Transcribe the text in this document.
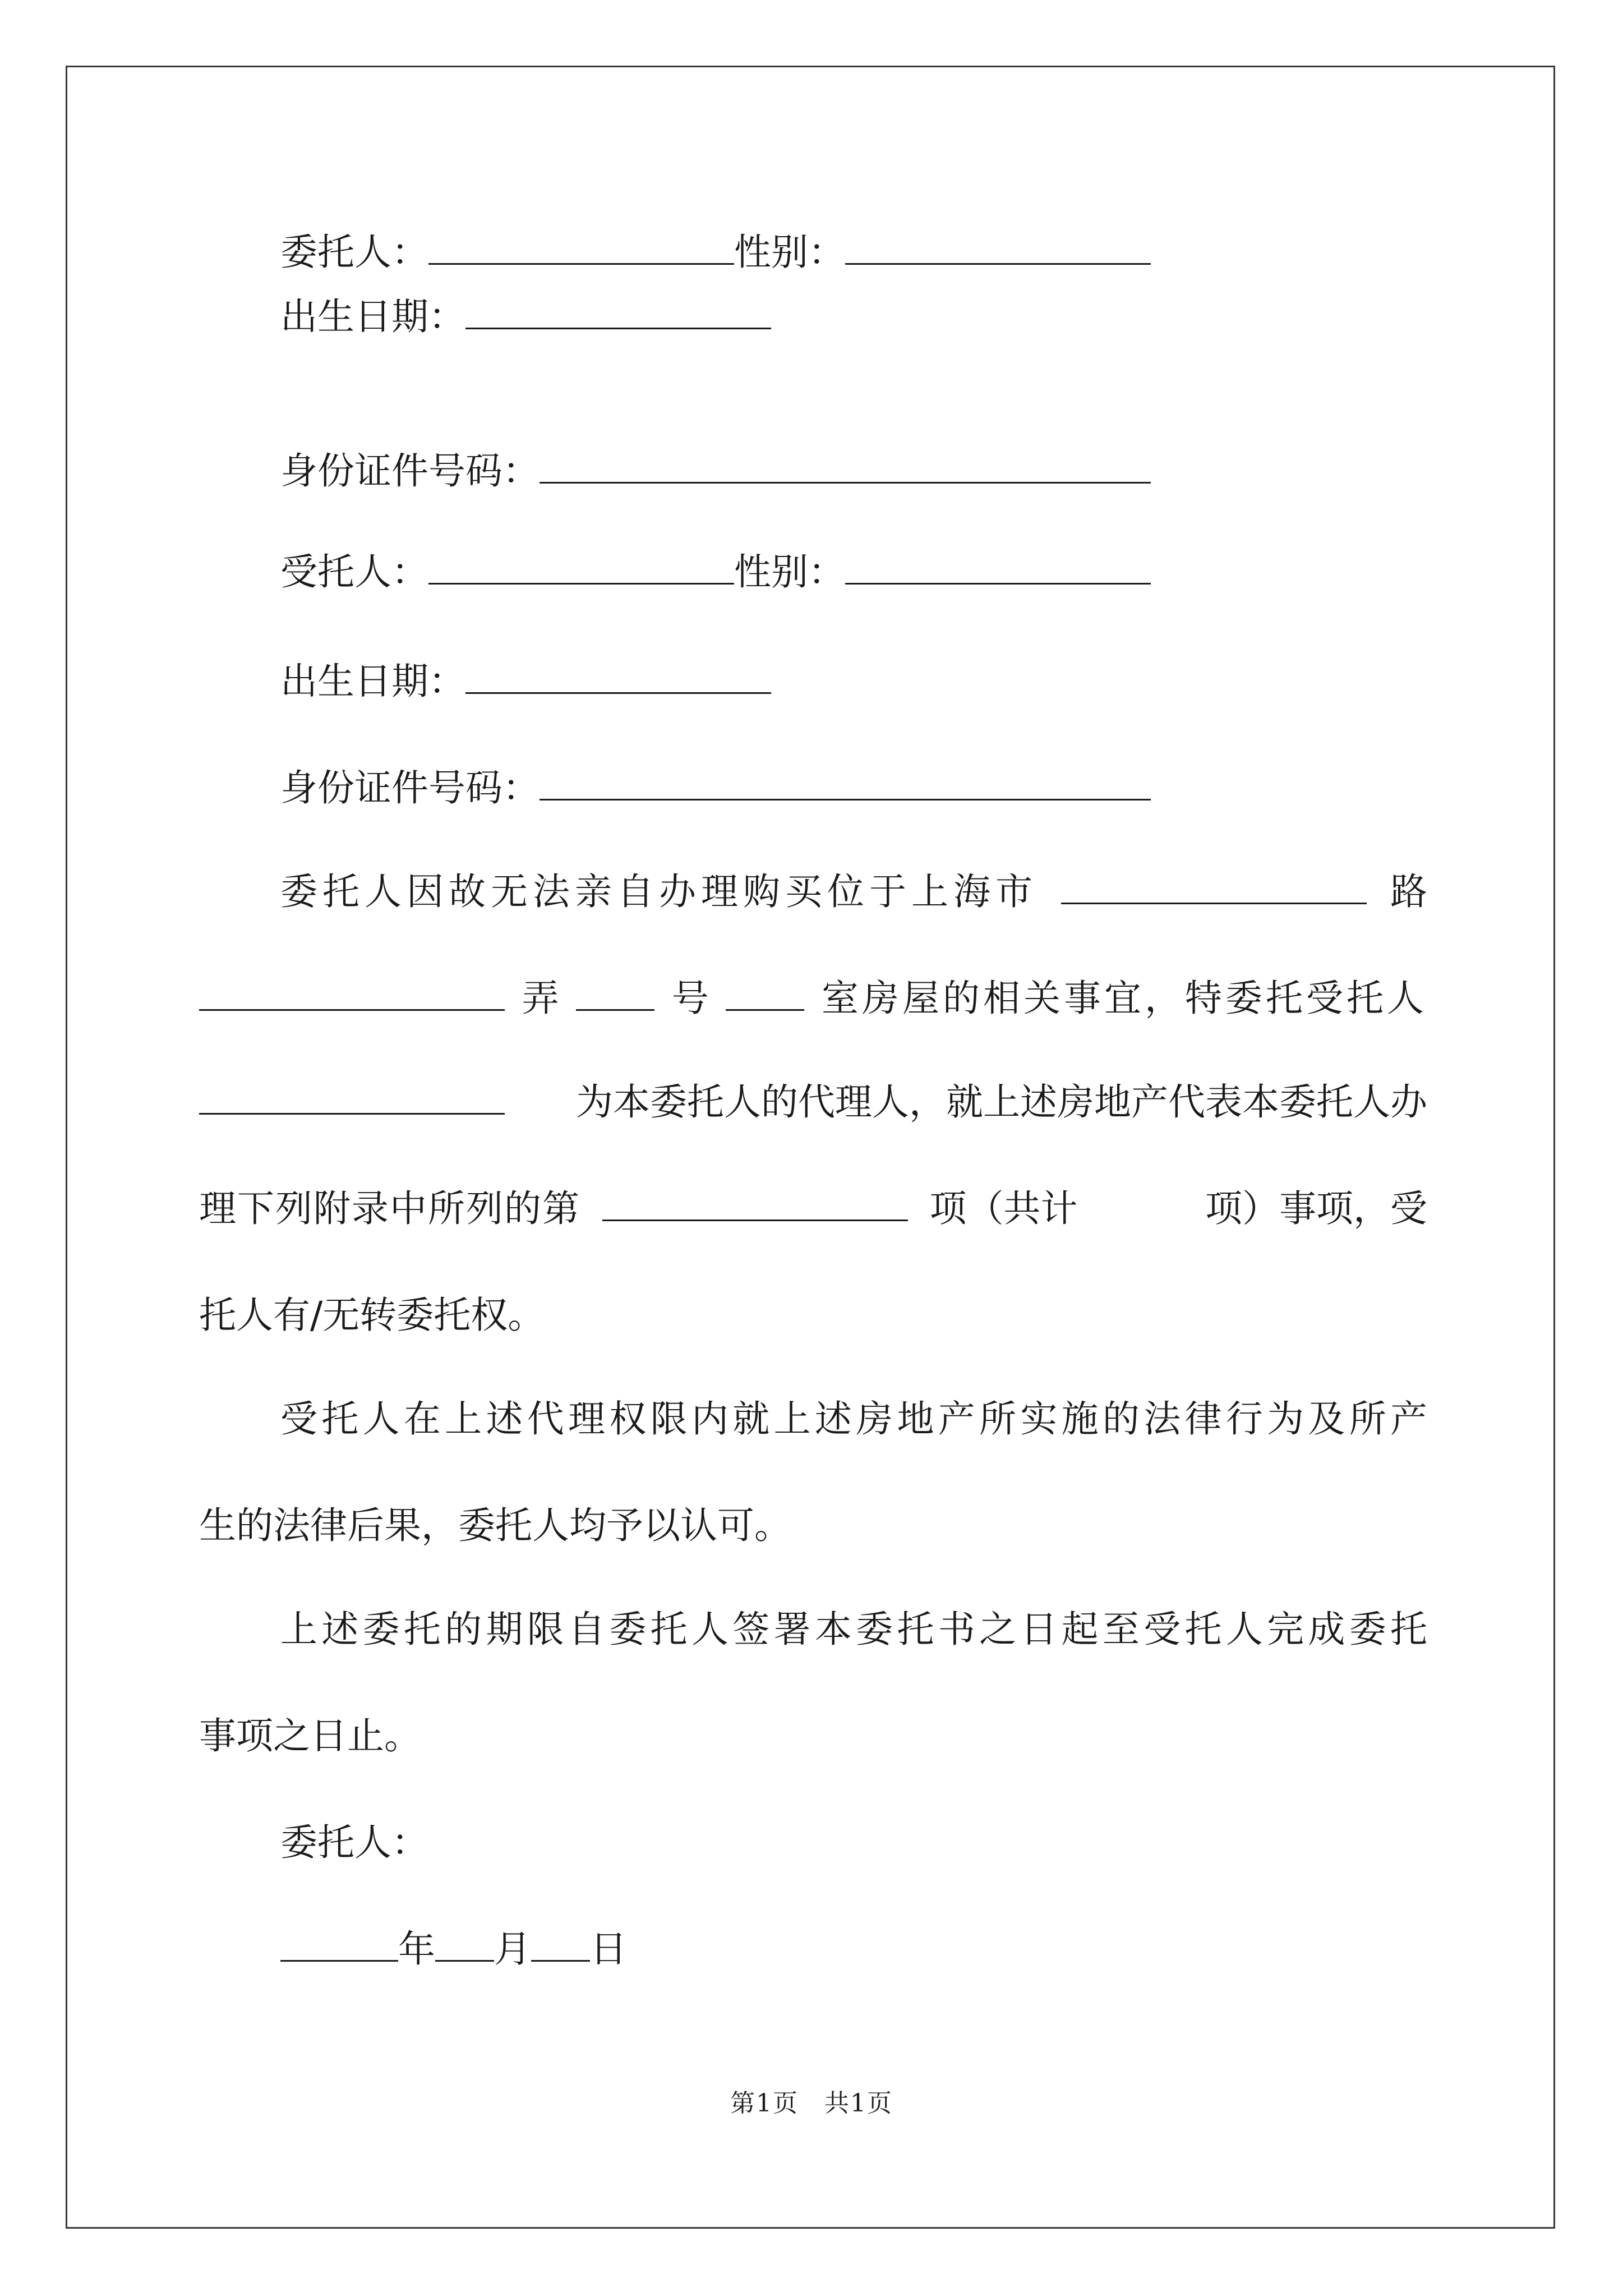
委托人：	性别：
出生日期：
身份证件号码：
受托人：	性别：
出生日期：
身份证件号码：
委托人因故无法亲自办理购买位于上海市	路
弄	号	室房屋的相关事宜，特委托受托人
为本委托人的代理人，就上述房地产代表本委托人办
理下列附录中所列的第	项（共计	项）事项，受
托人有/无转委托权。
受托人在上述代理权限内就上述房地产所实施的法律行为及所产
生的法律后果，委托人均予以认可。
上述委托的期限自委托人签署本委托书之日起至受托人完成委托
事项之日止。
委托人：
年 月 日
第1页　共1页
